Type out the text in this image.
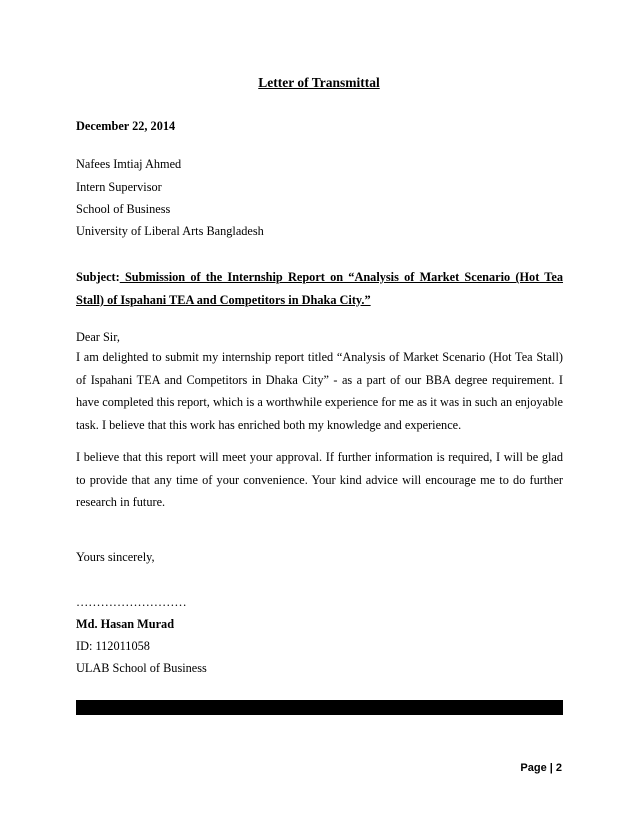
Letter of Transmittal
December 22, 2014
Nafees Imtiaj Ahmed
Intern Supervisor
School of Business
University of Liberal Arts Bangladesh
Subject: Submission of the Internship Report on “Analysis of Market Scenario (Hot Tea Stall) of Ispahani TEA and Competitors in Dhaka City.”
Dear Sir,
I am delighted to submit my internship report titled “Analysis of Market Scenario (Hot Tea Stall) of Ispahani TEA and Competitors in Dhaka City” - as a part of our BBA degree requirement. I have completed this report, which is a worthwhile experience for me as it was in such an enjoyable task. I believe that this work has enriched both my knowledge and experience.
I believe that this report will meet your approval. If further information is required, I will be glad to provide that any time of your convenience. Your kind advice will encourage me to do further research in future.
Yours sincerely,
………………………
Md. Hasan Murad
ID: 112011058
ULAB School of Business
Page | 2
